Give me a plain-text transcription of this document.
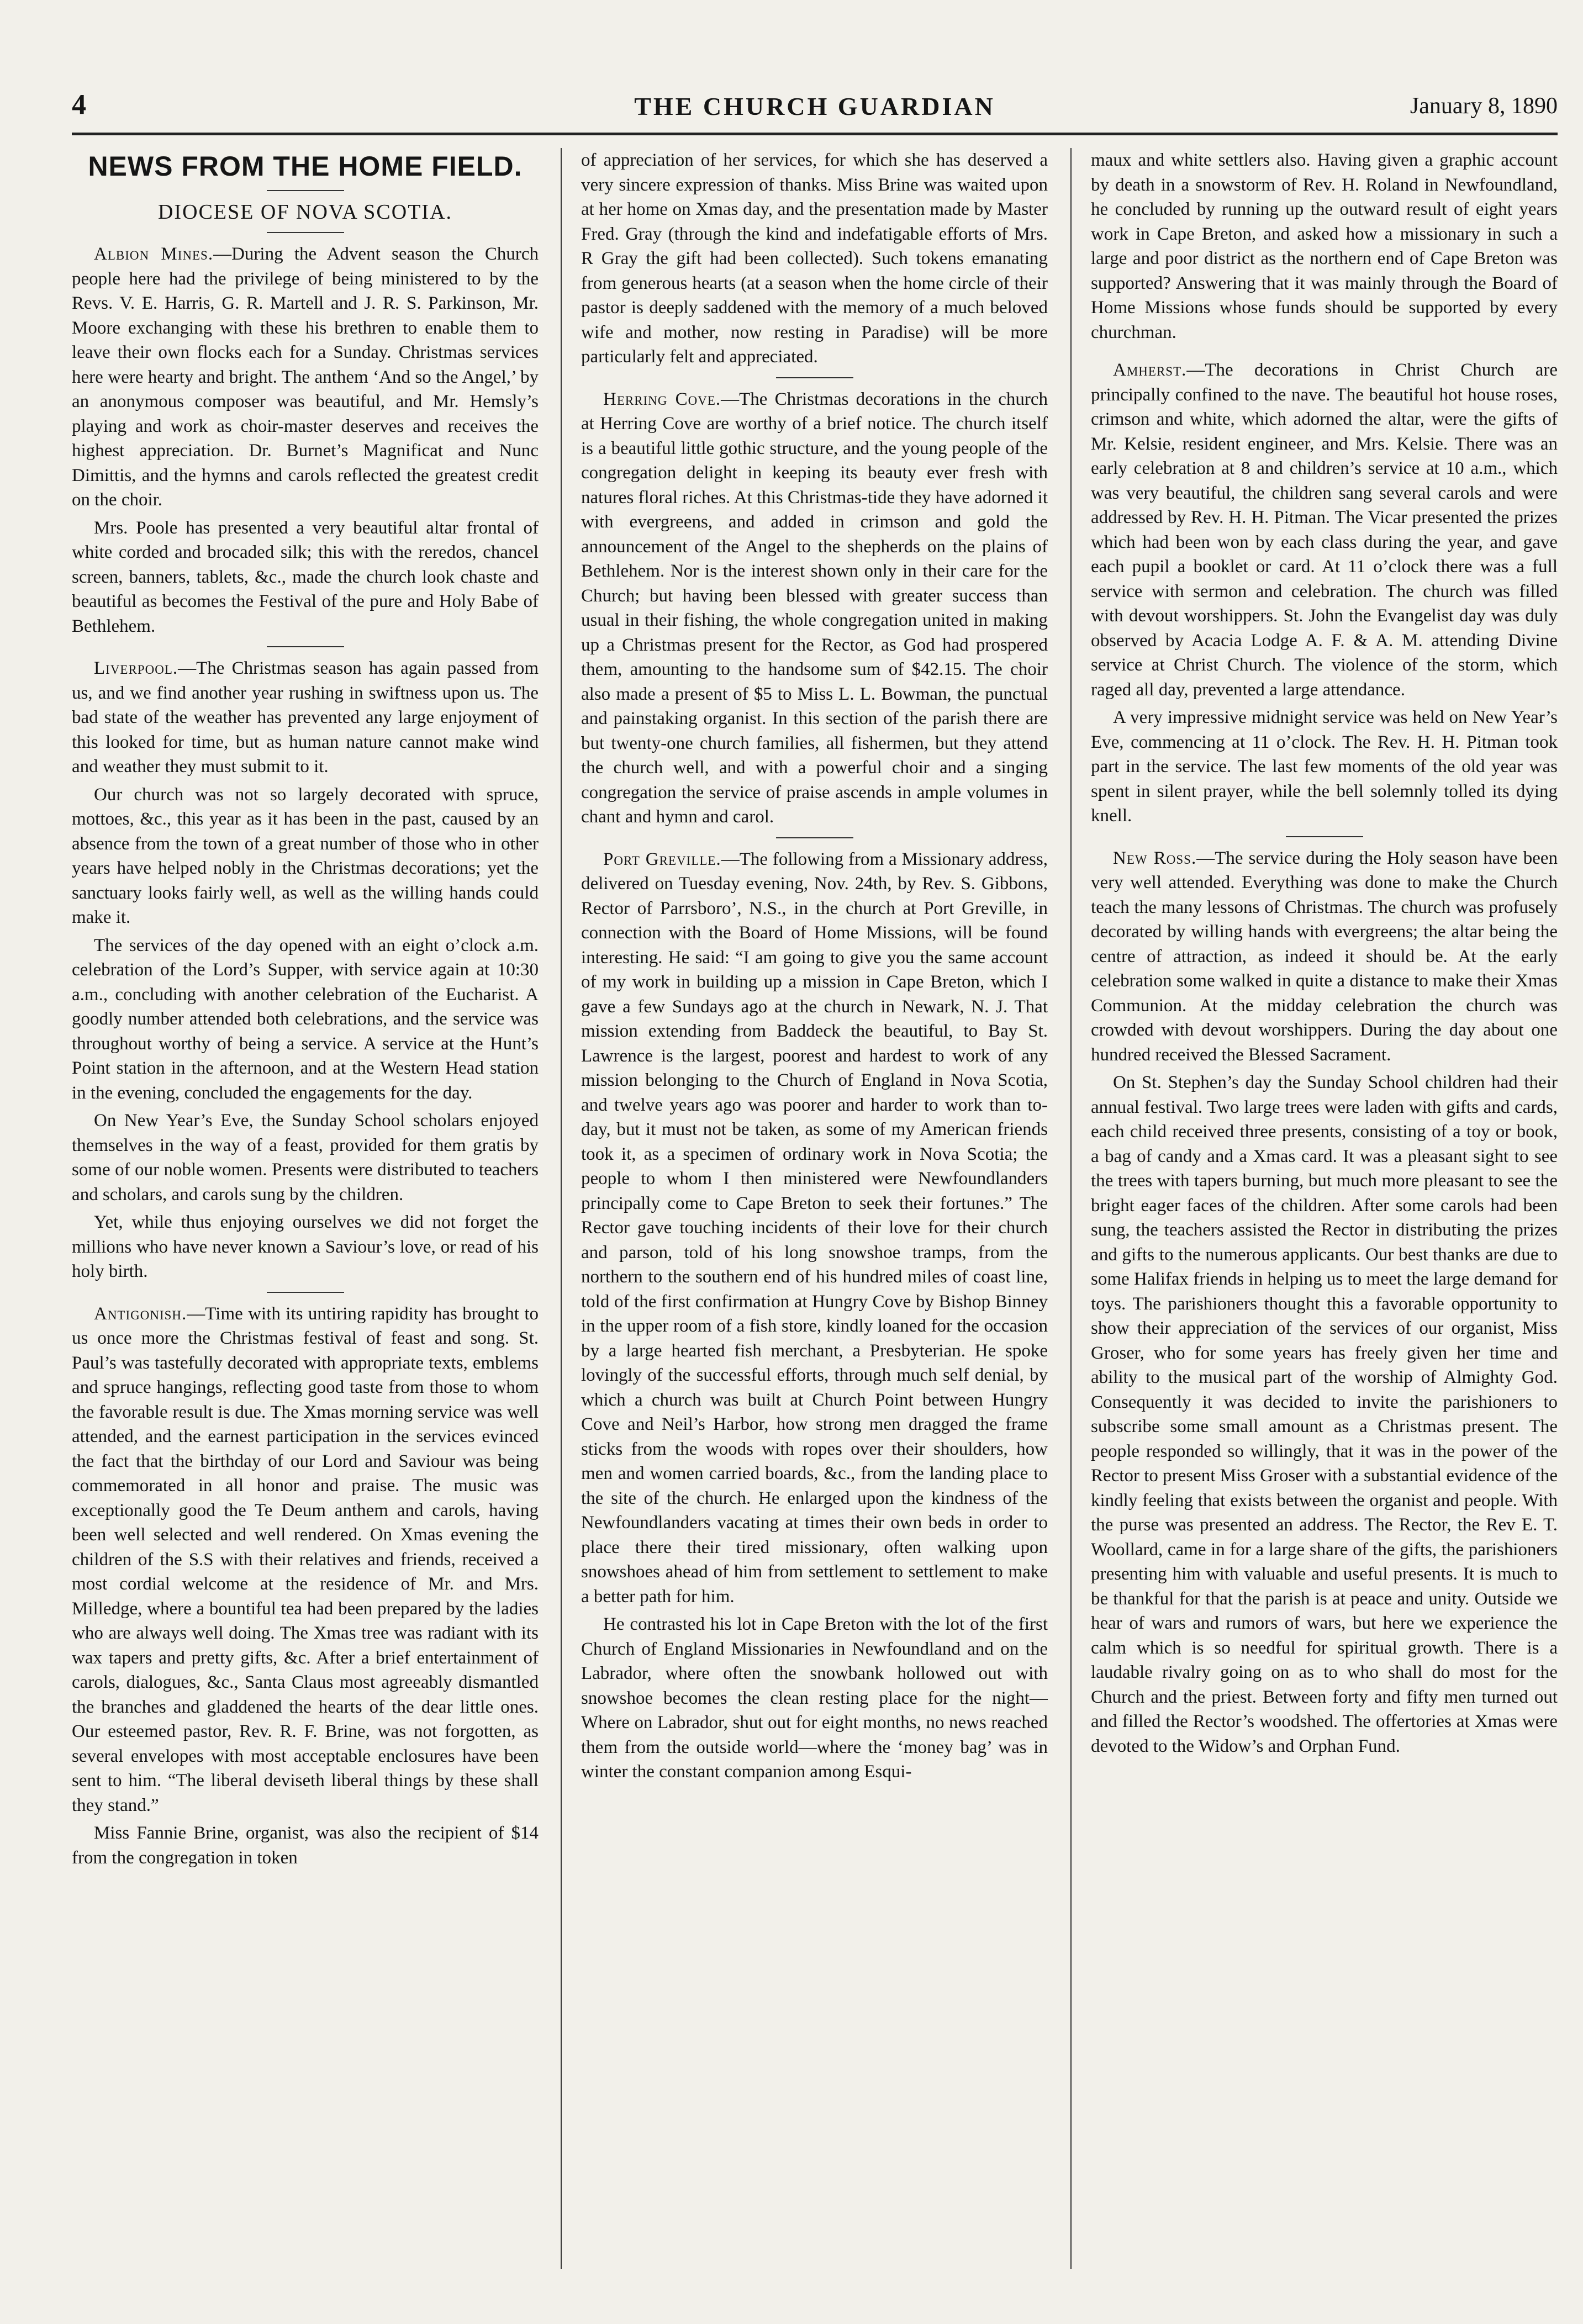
4	THE CHURCH GUARDIAN	January 8, 1890
NEWS FROM THE HOME FIELD.
DIOCESE OF NOVA SCOTIA.

Albion Mines.—During the Advent season the Church people here had the privilege of being ministered to by the Revs. V. E. Harris, G. R. Martell and J. R. S. Parkinson, Mr. Moore exchanging with these his brethren to enable them to leave their own flocks each for a Sunday. Christmas services here were hearty and bright. The anthem ‘And so the Angel,’ by an anonymous composer was beautiful, and Mr. Hemsly’s playing and work as choir-master deserves and receives the highest appreciation. Dr. Burnet’s Magnificat and Nunc Dimittis, and the hymns and carols reflected the greatest credit on the choir.

Mrs. Poole has presented a very beautiful altar frontal of white corded and brocaded silk; this with the reredos, chancel screen, banners, tablets, &c., made the church look chaste and beautiful as becomes the Festival of the pure and Holy Babe of Bethlehem.

Liverpool.—The Christmas season has again passed from us, and we find another year rushing in swiftness upon us. The bad state of the weather has prevented any large enjoyment of this looked for time, but as human nature cannot make wind and weather they must submit to it.

Our church was not so largely decorated with spruce, mottoes, &c., this year as it has been in the past, caused by an absence from the town of a great number of those who in other years have helped nobly in the Christmas decorations; yet the sanctuary looks fairly well, as well as the willing hands could make it.

The services of the day opened with an eight o’clock a.m. celebration of the Lord’s Supper, with service again at 10:30 a.m., concluding with another celebration of the Eucharist. A goodly number attended both celebrations, and the service was throughout worthy of being a service. A service at the Hunt’s Point station in the afternoon, and at the Western Head station in the evening, concluded the engagements for the day.

On New Year’s Eve, the Sunday School scholars enjoyed themselves in the way of a feast, provided for them gratis by some of our noble women. Presents were distributed to teachers and scholars, and carols sung by the children.

Yet, while thus enjoying ourselves we did not forget the millions who have never known a Saviour’s love, or read of his holy birth.

Antigonish.—Time with its untiring rapidity has brought to us once more the Christmas festival of feast and song. St. Paul’s was tastefully decorated with appropriate texts, emblems and spruce hangings, reflecting good taste from those to whom the favorable result is due. The Xmas morning service was well attended, and the earnest participation in the services evinced the fact that the birthday of our Lord and Saviour was being commemorated in all honor and praise. The music was exceptionally good the Te Deum anthem and carols, having been well selected and well rendered. On Xmas evening the children of the S.S with their relatives and friends, received a most cordial welcome at the residence of Mr. and Mrs. Milledge, where a bountiful tea had been prepared by the ladies who are always well doing. The Xmas tree was radiant with its wax tapers and pretty gifts, &c. After a brief entertainment of carols, dialogues, &c., Santa Claus most agreeably dismantled the branches and gladdened the hearts of the dear little ones. Our esteemed pastor, Rev. R. F. Brine, was not forgotten, as several envelopes with most acceptable enclosures have been sent to him. “The liberal deviseth liberal things by these shall they stand.”

Miss Fannie Brine, organist, was also the recipient of $14 from the congregation in token

of appreciation of her services, for which she has deserved a very sincere expression of thanks. Miss Brine was waited upon at her home on Xmas day, and the presentation made by Master Fred. Gray (through the kind and indefatigable efforts of Mrs. R Gray the gift had been collected). Such tokens emanating from generous hearts (at a season when the home circle of their pastor is deeply saddened with the memory of a much beloved wife and mother, now resting in Paradise) will be more particularly felt and appreciated.

Herring Cove.—The Christmas decorations in the church at Herring Cove are worthy of a brief notice. The church itself is a beautiful little gothic structure, and the young people of the congregation delight in keeping its beauty ever fresh with natures floral riches. At this Christmas-tide they have adorned it with evergreens, and added in crimson and gold the announcement of the Angel to the shepherds on the plains of Bethlehem. Nor is the interest shown only in their care for the Church; but having been blessed with greater success than usual in their fishing, the whole congregation united in making up a Christmas present for the Rector, as God had prospered them, amounting to the handsome sum of $42.15. The choir also made a present of $5 to Miss L. L. Bowman, the punctual and painstaking organist. In this section of the parish there are but twenty-one church families, all fishermen, but they attend the church well, and with a powerful choir and a singing congregation the service of praise ascends in ample volumes in chant and hymn and carol.

Port Greville.—The following from a Missionary address, delivered on Tuesday evening, Nov. 24th, by Rev. S. Gibbons, Rector of Parrsboro’, N.S., in the church at Port Greville, in connection with the Board of Home Missions, will be found interesting. He said: “I am going to give you the same account of my work in building up a mission in Cape Breton, which I gave a few Sundays ago at the church in Newark, N. J. That mission extending from Baddeck the beautiful, to Bay St. Lawrence is the largest, poorest and hardest to work of any mission belonging to the Church of England in Nova Scotia, and twelve years ago was poorer and harder to work than to-day, but it must not be taken, as some of my American friends took it, as a specimen of ordinary work in Nova Scotia; the people to whom I then ministered were Newfoundlanders principally come to Cape Breton to seek their fortunes.” The Rector gave touching incidents of their love for their church and parson, told of his long snowshoe tramps, from the northern to the southern end of his hundred miles of coast line, told of the first confirmation at Hungry Cove by Bishop Binney in the upper room of a fish store, kindly loaned for the occasion by a large hearted fish merchant, a Presbyterian. He spoke lovingly of the successful efforts, through much self denial, by which a church was built at Church Point between Hungry Cove and Neil’s Harbor, how strong men dragged the frame sticks from the woods with ropes over their shoulders, how men and women carried boards, &c., from the landing place to the site of the church. He enlarged upon the kindness of the Newfoundlanders vacating at times their own beds in order to place there their tired missionary, often walking upon snowshoes ahead of him from settlement to settlement to make a better path for him.

He contrasted his lot in Cape Breton with the lot of the first Church of England Missionaries in Newfoundland and on the Labrador, where often the snowbank hollowed out with snowshoe becomes the clean resting place for the night—Where on Labrador, shut out for eight months, no news reached them from the outside world—where the ‘money bag’ was in winter the constant companion among Esqui-

maux and white settlers also. Having given a graphic account by death in a snowstorm of Rev. H. Roland in Newfoundland, he concluded by running up the outward result of eight years work in Cape Breton, and asked how a missionary in such a large and poor district as the northern end of Cape Breton was supported? Answering that it was mainly through the Board of Home Missions whose funds should be supported by every churchman.

Amherst.—The decorations in Christ Church are principally confined to the nave. The beautiful hot house roses, crimson and white, which adorned the altar, were the gifts of Mr. Kelsie, resident engineer, and Mrs. Kelsie. There was an early celebration at 8 and children’s service at 10 a.m., which was very beautiful, the children sang several carols and were addressed by Rev. H. H. Pitman. The Vicar presented the prizes which had been won by each class during the year, and gave each pupil a booklet or card. At 11 o’clock there was a full service with sermon and celebration. The church was filled with devout worshippers. St. John the Evangelist day was duly observed by Acacia Lodge A. F. & A. M. attending Divine service at Christ Church. The violence of the storm, which raged all day, prevented a large attendance.

A very impressive midnight service was held on New Year’s Eve, commencing at 11 o’clock. The Rev. H. H. Pitman took part in the service. The last few moments of the old year was spent in silent prayer, while the bell solemnly tolled its dying knell.

New Ross.—The service during the Holy season have been very well attended. Everything was done to make the Church teach the many lessons of Christmas. The church was profusely decorated by willing hands with evergreens; the altar being the centre of attraction, as indeed it should be. At the early celebration some walked in quite a distance to make their Xmas Communion. At the midday celebration the church was crowded with devout worshippers. During the day about one hundred received the Blessed Sacrament.

On St. Stephen’s day the Sunday School children had their annual festival. Two large trees were laden with gifts and cards, each child received three presents, consisting of a toy or book, a bag of candy and a Xmas card. It was a pleasant sight to see the trees with tapers burning, but much more pleasant to see the bright eager faces of the children. After some carols had been sung, the teachers assisted the Rector in distributing the prizes and gifts to the numerous applicants. Our best thanks are due to some Halifax friends in helping us to meet the large demand for toys. The parishioners thought this a favorable opportunity to show their appreciation of the services of our organist, Miss Groser, who for some years has freely given her time and ability to the musical part of the worship of Almighty God. Consequently it was decided to invite the parishioners to subscribe some small amount as a Christmas present. The people responded so willingly, that it was in the power of the Rector to present Miss Groser with a substantial evidence of the kindly feeling that exists between the organist and people. With the purse was presented an address. The Rector, the Rev E. T. Woollard, came in for a large share of the gifts, the parishioners presenting him with valuable and useful presents. It is much to be thankful for that the parish is at peace and unity. Outside we hear of wars and rumors of wars, but here we experience the calm which is so needful for spiritual growth. There is a laudable rivalry going on as to who shall do most for the Church and the priest. Between forty and fifty men turned out and filled the Rector’s woodshed. The offertories at Xmas were devoted to the Widow’s and Orphan Fund.
